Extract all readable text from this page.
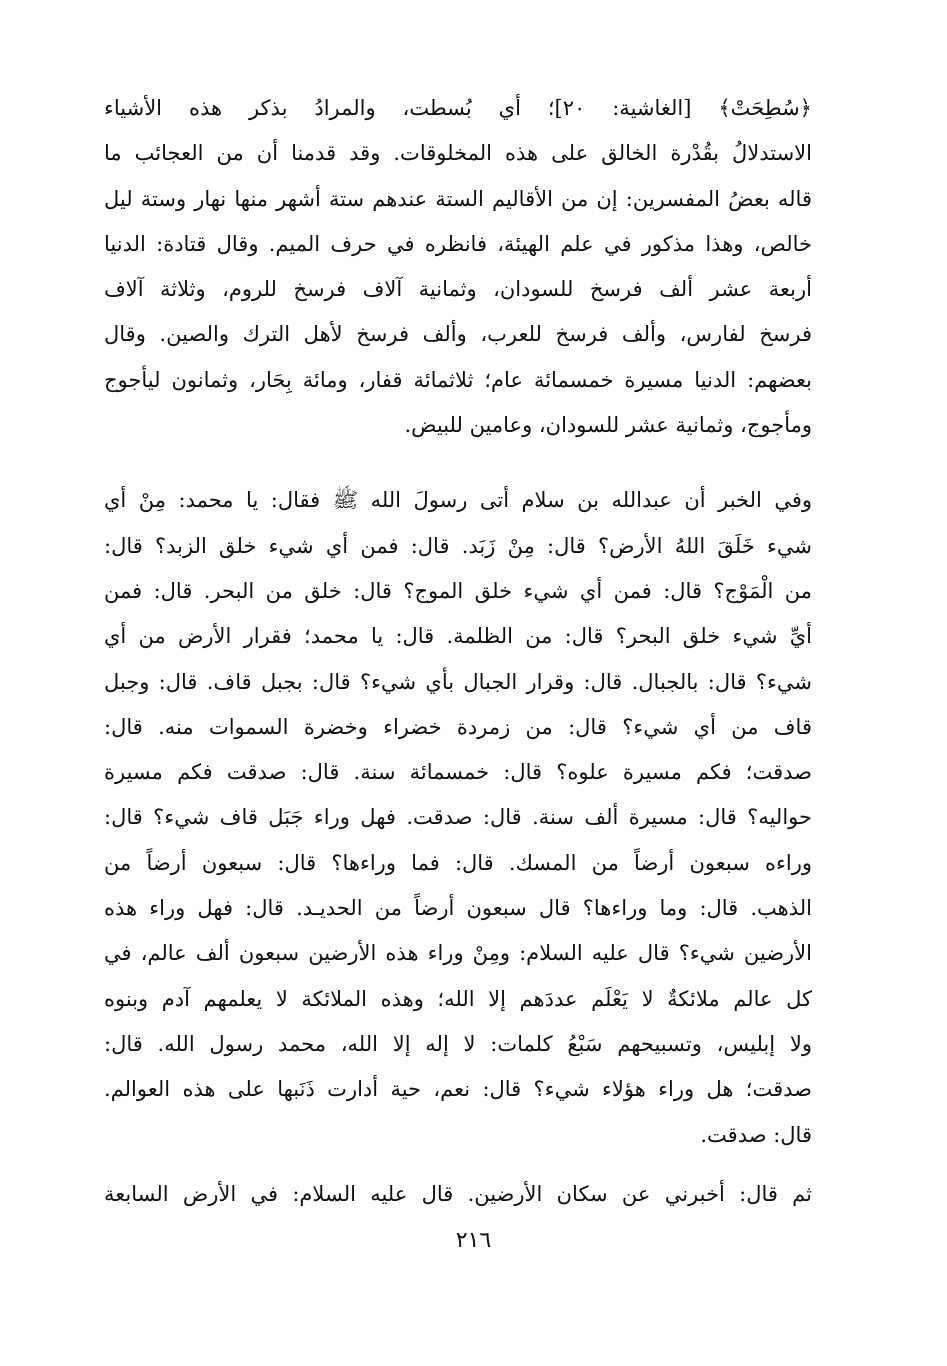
﴿سُطِحَتْ﴾ [الغاشية: ٢٠]؛ أي بُسطت، والمرادُ بذكر هذه الأشياء
الاستدلالُ بقُدْرة الخالق على هذه المخلوقات. وقد قدمنا أن من العجائب ما
قاله بعضُ المفسرين: إن من الأقاليم الستة عندهم ستة أشهر منها نهار وستة ليل
خالص، وهذا مذكور في علم الهيئة، فانظره في حرف الميم. وقال قتادة: الدنيا
أربعة عشر ألف فرسخ للسودان، وثمانية آلاف فرسخ للروم، وثلاثة آلاف
فرسخ لفارس، وألف فرسخ للعرب، وألف فرسخ لأهل الترك والصين. وقال
بعضهم: الدنيا مسيرة خمسمائة عام؛ ثلاثمائة قفار، ومائة بِحَار، وثمانون ليأجوج
ومأجوج، وثمانية عشر للسودان، وعامين للبيض.
وفي الخبر أن عبدالله بن سلام أتى رسولَ الله ﷺ فقال: يا محمد: مِنْ أي
شيء خَلَقَ اللهُ الأرض؟ قال: مِنْ زَبَد. قال: فمن أي شيء خلق الزبد؟ قال:
من الْمَوْج؟ قال: فمن أي شيء خلق الموج؟ قال: خلق من البحر. قال: فمن
أيِّ شيء خلق البحر؟ قال: من الظلمة. قال: يا محمد؛ فقرار الأرض من أي
شيء؟ قال: بالجبال. قال: وقرار الجبال بأي شيء؟ قال: بجبل قاف. قال: وجبل
قاف من أي شيء؟ قال: من زمردة خضراء وخضرة السموات منه. قال:
صدقت؛ فكم مسيرة علوه؟ قال: خمسمائة سنة. قال: صدقت فكم مسيرة
حواليه؟ قال: مسيرة ألف سنة. قال: صدقت. فهل وراء جَبَل قاف شيء؟ قال:
وراءه سبعون أرضاً من المسك. قال: فما وراءها؟ قال: سبعون أرضاً من
الذهب. قال: وما وراءها؟ قال سبعون أرضاً من الحديـد. قال: فهل وراء هذه
الأرضين شيء؟ قال عليه السلام: ومِنْ وراء هذه الأرضين سبعون ألف عالم، في
كل عالم ملائكةٌ لا يَعْلَم عددَهم إلا الله؛ وهذه الملائكة لا يعلمهم آدم وبنوه
ولا إبليس، وتسبيحهم سَبْعُ كلمات: لا إله إلا الله، محمد رسول الله. قال:
صدقت؛ هل وراء هؤلاء شيء؟ قال: نعم، حية أدارت ذَنَبها على هذه العوالم.
قال: صدقت.
ثم قال: أخبرني عن سكان الأرضين. قال عليه السلام: في الأرض السابعة
٢١٦
